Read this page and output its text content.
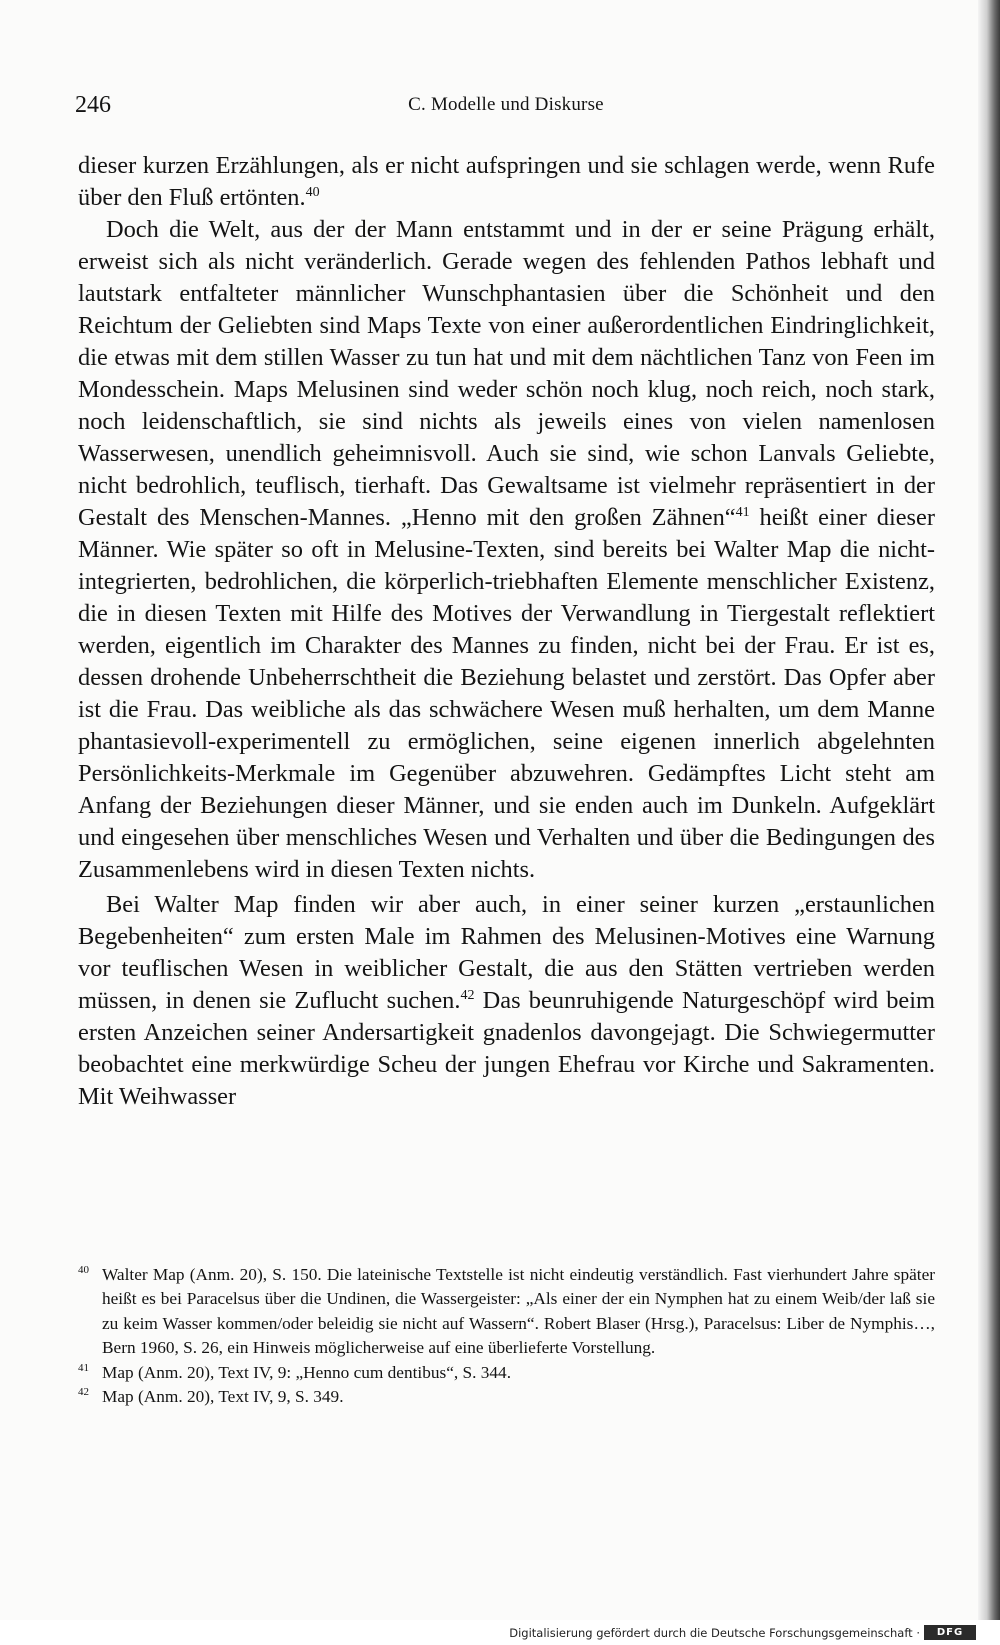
246	C. Modelle und Diskurse

dieser kurzen Erzählungen, als er nicht aufspringen und sie schlagen werde, wenn Rufe über den Fluß ertönten.$^{40}$

Doch die Welt, aus der der Mann entstammt und in der er seine Prägung erhält, erweist sich als nicht veränderlich. Gerade wegen des fehlenden Pathos lebhaft und lautstark entfalteter männlicher Wunschphantasien über die Schönheit und den Reichtum der Geliebten sind Maps Texte von einer außerordentlichen Eindringlichkeit, die etwas mit dem stillen Wasser zu tun hat und mit dem nächtlichen Tanz von Feen im Mondesschein. Maps Melusinen sind weder schön noch klug, noch reich, noch stark, noch leidenschaftlich, sie sind nichts als jeweils eines von vielen namenlosen Wasserwesen, unendlich geheimnisvoll. Auch sie sind, wie schon Lanvals Geliebte, nicht bedrohlich, teuflisch, tierhaft. Das Gewaltsame ist vielmehr repräsentiert in der Gestalt des Menschen-Mannes. „Henno mit den großen Zähnen“$^{41}$ heißt einer dieser Männer. Wie später so oft in Melusine-Texten, sind bereits bei Walter Map die nicht-integrierten, bedrohlichen, die körperlich-triebhaften Elemente menschlicher Existenz, die in diesen Texten mit Hilfe des Motives der Verwandlung in Tiergestalt reflektiert werden, eigentlich im Charakter des Mannes zu finden, nicht bei der Frau. Er ist es, dessen drohende Unbeherrschtheit die Beziehung belastet und zerstört. Das Opfer aber ist die Frau. Das weibliche als das schwächere Wesen muß herhalten, um dem Manne phantasievoll-experimentell zu ermöglichen, seine eigenen innerlich abgelehnten Persönlichkeits-Merkmale im Gegenüber abzuwehren. Gedämpftes Licht steht am Anfang der Beziehungen dieser Männer, und sie enden auch im Dunkeln. Aufgeklärt und eingesehen über menschliches Wesen und Verhalten und über die Bedingungen des Zusammenlebens wird in diesen Texten nichts.

Bei Walter Map finden wir aber auch, in einer seiner kurzen „erstaunlichen Begebenheiten“ zum ersten Male im Rahmen des Melusinen-Motives eine Warnung vor teuflischen Wesen in weiblicher Gestalt, die aus den Stätten vertrieben werden müssen, in denen sie Zuflucht suchen.$^{42}$ Das beunruhigende Naturgeschöpf wird beim ersten Anzeichen seiner Andersartigkeit gnadenlos davongejagt. Die Schwiegermutter beobachtet eine merkwürdige Scheu der jungen Ehefrau vor Kirche und Sakramenten. Mit Weihwasser

40 Walter Map (Anm. 20), S. 150. Die lateinische Textstelle ist nicht eindeutig verständlich. Fast vierhundert Jahre später heißt es bei Paracelsus über die Undinen, die Wassergeister: „Als einer der ein Nymphen hat zu einem Weib/der laß sie zu keim Wasser kommen/oder beleidig sie nicht auf Wassern“. Robert Blaser (Hrsg.), Paracelsus: Liber de Nymphis…, Bern 1960, S. 26, ein Hinweis möglicherweise auf eine überlieferte Vorstellung.
41 Map (Anm. 20), Text IV, 9: „Henno cum dentibus“, S. 344.
42 Map (Anm. 20), Text IV, 9, S. 349.
Digitalisierung gefördert durch die Deutsche Forschungsgemeinschaft ·	DFG
